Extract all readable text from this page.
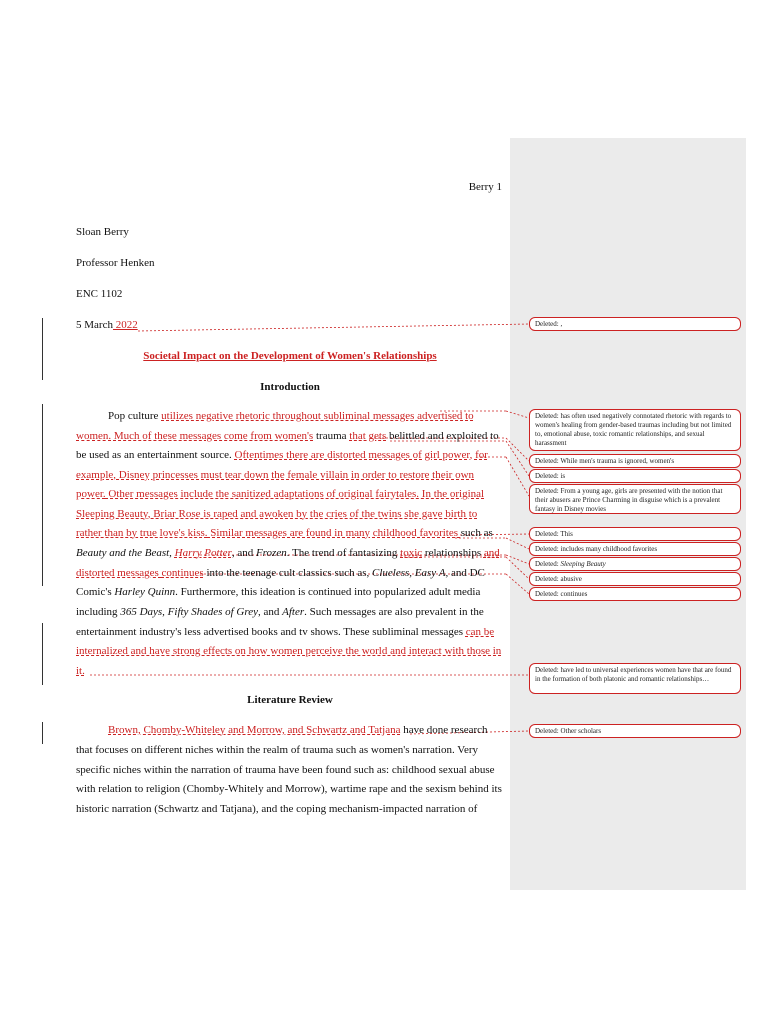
Berry 1
Sloan Berry
Professor Henken
ENC 1102
5 March 2022
Societal Impact on the Development of Women's Relationships
Introduction
Pop culture utilizes negative rhetoric throughout subliminal messages advertised to
women. Much of these messages come from women's trauma that gets belittled and exploited to
be used as an entertainment source. Oftentimes there are distorted messages of girl power, for
example, Disney princesses must tear down the female villain in order to restore their own
power. Other messages include the sanitized adaptations of original fairytales. In the original
Sleeping Beauty, Briar Rose is raped and awoken by the cries of the twins she gave birth to
rather than by true love's kiss. Similar messages are found in many childhood favorites such as
Beauty and the Beast, Harry Potter, and Frozen. The trend of fantasizing toxic relationships and
distorted messages continues into the teenage cult classics such as, Clueless, Easy A, and DC
Comic's Harley Quinn. Furthermore, this ideation is continued into popularized adult media
including 365 Days, Fifty Shades of Grey, and After. Such messages are also prevalent in the
entertainment industry's less advertised books and tv shows. These subliminal messages can be
internalized and have strong effects on how women perceive the world and interact with those in
it.
Literature Review
Brown, Chomby-Whiteley and Morrow, and Schwartz and Tatjana have done research
that focuses on different niches within the realm of trauma such as women's narration. Very
specific niches within the narration of trauma have been found such as: childhood sexual abuse
with relation to religion (Chomby-Whitely and Morrow), wartime rape and the sexism behind its
historic narration (Schwartz and Tatjana), and the coping mechanism-impacted narration of
Deleted: ,
Deleted: has often used negatively connotated rhetoric with regards to women's healing from gender-based traumas including but not limited to, emotional abuse, toxic romantic relationships, and sexual harassment
Deleted: While men's trauma is ignored, women's
Deleted: is
Deleted: From a young age, girls are presented with the notion that their abusers are Prince Charming in disguise which is a prevalent fantasy in Disney movies
Deleted: This
Deleted: includes many childhood favorites
Deleted: Sleeping Beauty
Deleted: abusive
Deleted: continues
Deleted: have led to universal experiences women have that are found in the formation of both platonic and romantic relationships…
Deleted: Other scholars
